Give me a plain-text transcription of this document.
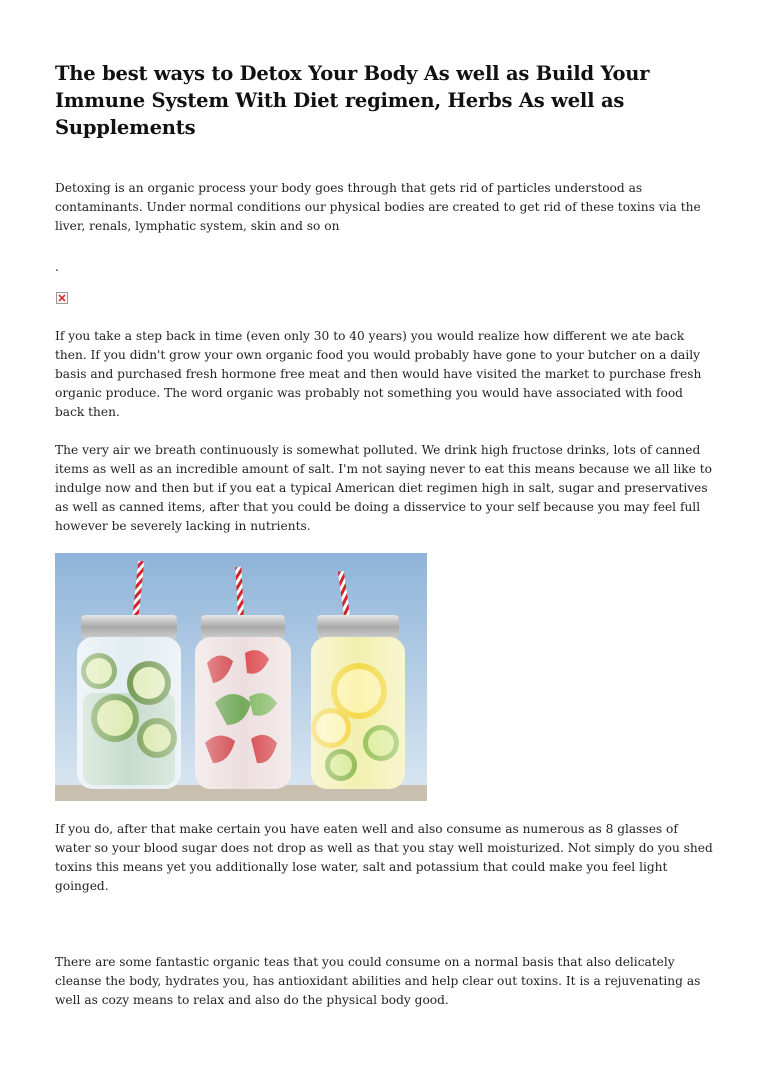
The best ways to Detox Your Body As well as Build Your Immune System With Diet regimen, Herbs As well as Supplements

Detoxing is an organic process your body goes through that gets rid of particles understood as contaminants. Under normal conditions our physical bodies are created to get rid of these toxins via the liver, renals, lymphatic system, skin and so on

.

If you take a step back in time (even only 30 to 40 years) you would realize how different we ate back then. If you didn't grow your own organic food you would probably have gone to your butcher on a daily basis and purchased fresh hormone free meat and then would have visited the market to purchase fresh organic produce. The word organic was probably not something you would have associated with food back then.

The very air we breath continuously is somewhat polluted. We drink high fructose drinks, lots of canned items as well as an incredible amount of salt. I'm not saying never to eat this means because we all like to indulge now and then but if you eat a typical American diet regimen high in salt, sugar and preservatives as well as canned items, after that you could be doing a disservice to your self because you may feel full however be severely lacking in nutrients.

If you do, after that make certain you have eaten well and also consume as numerous as 8 glasses of water so your blood sugar does not drop as well as that you stay well moisturized. Not simply do you shed toxins this means yet you additionally lose water, salt and potassium that could make you feel light goinged.

There are some fantastic organic teas that you could consume on a normal basis that also delicately cleanse the body, hydrates you, has antioxidant abilities and help clear out toxins. It is a rejuvenating as well as cozy means to relax and also do the physical body good.
